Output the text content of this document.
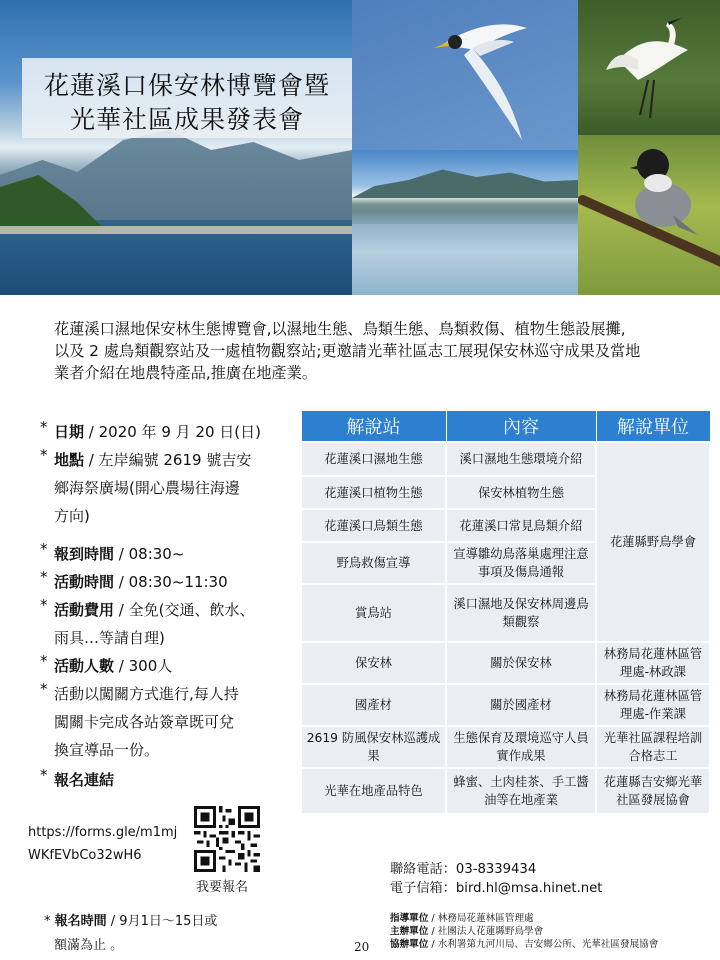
花蓮溪口保安林博覽會暨
光華社區成果發表會
花蓮溪口濕地保安林生態博覽會,以濕地生態、鳥類生態、鳥類救傷、植物生態設展攤,
以及 2 處鳥類觀察站及一處植物觀察站;更邀請光華社區志工展現保安林巡守成果及當地
業者介紹在地農特產品,推廣在地產業。
* 日期 / 2020 年 9 月 20 日(日)
地點 / 左岸編號 2619 號吉安
鄉海祭廣場(開心農場往海邊
方向)
*
*
*
*
*
*
*
報到時間 / 08:30~
活動時間 / 08:30~11:30
活動費用 / 全免(交通、飲水、
雨具…等請自理)
活動人數 / 300人
活動以闖關方式進行,每人持
闖關卡完成各站簽章既可兌
換宣導品一份。
報名連結
https://forms.gle/m1mj
WKfEVbCo32wH6
我要報名
* 報名時間 / 9月1日～15日或
額滿為止 。
解說站	內容	解說單位
花蓮溪口濕地生態	溪口濕地生態環境介紹	花蓮縣野鳥學會
花蓮溪口植物生態	保安林植物生態	
花蓮溪口鳥類生態	花蓮溪口常見鳥類介紹	
野鳥救傷宣導	宣導雛幼鳥落巢處理注意事項及傷鳥通報	
賞鳥站	溪口濕地及保安林周邊鳥類觀察	
保安林	關於保安林	林務局花蓮林區管理處-林政課
國產材	關於國產材	林務局花蓮林區管理處-作業課
2619 防風保安林巡護成果	生態保育及環境巡守人員實作成果	光華社區課程培訓合格志工
光華在地產品特色	蜂蜜、土肉桂茶、手工醬油等在地產業	花蓮縣吉安鄉光華社區發展協會
聯絡電話：03-8339434
電子信箱：bird.hl@msa.hinet.net
指導單位 / 林務局花蓮林區管理處
主辦單位 / 社團法人花蓮縣野鳥學會
協辦單位 / 水利署第九河川局、吉安鄉公所、光華社區發展協會
20
